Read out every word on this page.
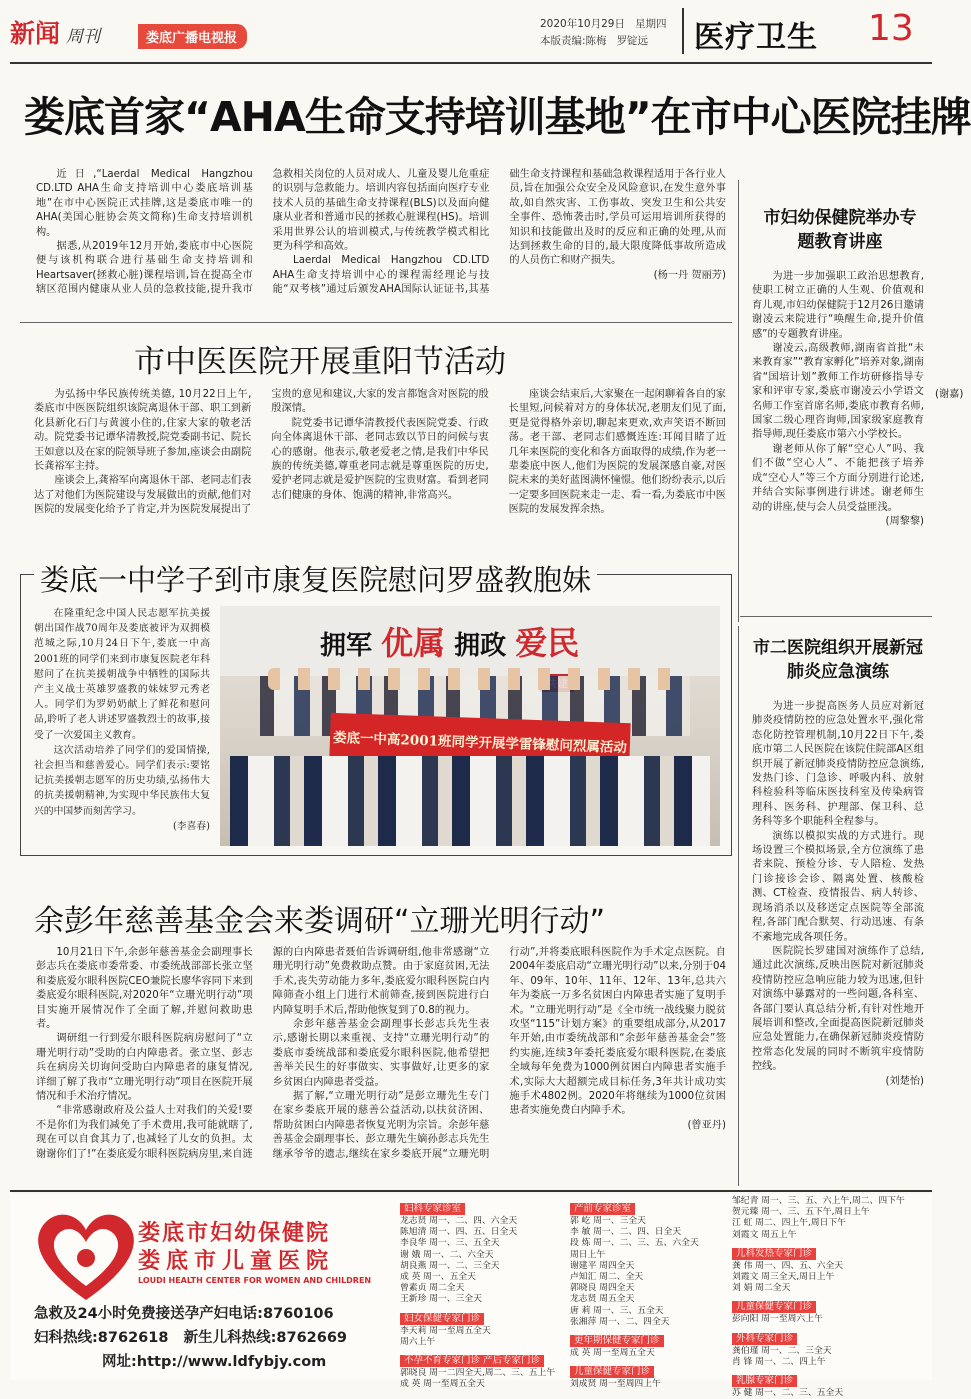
新闻 周刊	娄底广播电视报
2020年10月29日 星期四
本版责编:陈梅 罗锭远	医疗卫生 13
娄底首家“AHA生命支持培训基地”在市中心医院挂牌

近日,“Laerdal Medical Hangzhou CD.LTD AHA生命支持培训中心娄底培训基地”在市中心医院正式挂牌,这是娄底市唯一的AHA(美国心脏协会英文简称)生命支持培训机构。

据悉,从2019年12月开始,娄底市中心医院便与该机构联合进行基础生命支持培训和Heartsaver(拯救心脏)课程培训,旨在提高全市辖区范围内健康从业人员的急救技能,提升我市急救相关岗位的人员对成人、儿童及婴儿危重症的识别与急救能力。培训内容包括面向医疗专业技术人员的基础生命支持课程(BLS)以及面向健康从业者和普通市民的拯救心脏课程(HS)。培训采用世界公认的培训模式,与传统教学模式相比更为科学和高效。

Laerdal Medical Hangzhou CD.LTD AHA生命支持培训中心的课程需经理论与技能“双考核”通过后颁发AHA国际认证证书,其基础生命支持课程和基础急救课程适用于各行业人员,旨在加强公众安全及风险意识,在发生意外事故,如自然灾害、工伤事故、突发卫生和公共安全事件、恐怖袭击时,学员可运用培训所获得的知识和技能做出及时的反应和正确的处理,从而达到拯救生命的目的,最大限度降低事故所造成的人员伤亡和财产损失。

(杨一丹 贺丽芳)

市妇幼保健院举办专题教育讲座

为进一步加强职工政治思想教育,使职工树立正确的人生观、价值观和育儿观,市妇幼保健院于12月26日邀请谢凌云来院进行“唤醒生命,提升价值感”的专题教育讲座。

谢凌云,高级教师,湖南省首批“未来教育家”“教育家孵化”培养对象,湖南省“国培计划”教师工作坊研修指导专家和评审专家,娄底市谢凌云小学语文名师工作室首席名师,娄底市教育名师,国家二级心理咨询师,国家级家庭教育指导师,现任娄底市第六小学校长。

谢老师从你了解“空心人”吗、我们不做“空心人”、不能把孩子培养成“空心人”等三个方面分别进行论述,并结合实际事例进行讲述。谢老师生动的讲座,使与会人员受益匪浅。

(周黎黎)

市中医医院开展重阳节活动

为弘扬中华民族传统美德, 10月22日上午,娄底市中医医院组织该院离退休干部、职工到新化县新化石门与黄渡小住的,住家大家的敬老活动。院党委书记谭华清教授,院党委副书记、院长王如意以及在家的院领导班子参加,座谈会由副院长龚裕军主持。

座谈会上,龚裕军向离退休干部、老同志们表达了对他们为医院建设与发展做出的贡献,他们对医院的发展变化给予了肯定,并为医院发展提出了宝贵的意见和建议,大家的发言都饱含对医院的殷殷深情。

院党委书记谭华清教授代表医院党委、行政向全体离退休干部、老同志致以节日的问候与衷心的感谢。他表示,敬老爱老之情,是我们中华民族的传统美德,尊重老同志就是尊重医院的历史,爱护老同志就是爱护医院的宝贵财富。看到老同志们健康的身体、饱满的精神,非常高兴。

座谈会结束后,大家聚在一起闲聊着各自的家长里短,问候着对方的身体状况,老朋友们见了面,更是觉得格外亲切,聊起来更欢,欢声笑语不断回荡。老干部、老同志们感慨连连:耳闻目睹了近几年来医院的变化和各方面取得的成绩,作为老一辈娄底中医人,他们为医院的发展深感自豪,对医院未来的美好蓝图满怀憧憬。他们纷纷表示,以后一定要多回医院来走一走、看一看,为娄底市中医医院的发展发挥余热。

(谢嘉)

娄底一中学子到市康复医院慰问罗盛教胞妹

在隆重纪念中国人民志愿军抗美援朝出国作战70周年及娄底被评为双拥模范城之际,10月24日下午,娄底一中高2001班的同学们来到市康复医院老年科慰问了在抗美援朝战争中牺牲的国际共产主义战士英雄罗盛教的妹妹罗元秀老人。同学们为罗奶奶献上了鲜花和慰问品,聆听了老人讲述罗盛教烈士的故事,接受了一次爱国主义教育。

这次活动培养了同学们的爱国情操,社会担当和慈善爱心。同学们表示:要铭记抗美援朝志愿军的历史功绩,弘扬伟大的抗美援朝精神,为实现中华民族伟大复兴的中国梦而刻苦学习。

(李喜春)

拥军 优属 拥政 爱民
娄底一中高2001班同学开展学雷锋慰问烈属活动
市二医院组织开展新冠肺炎应急演练

为进一步提高医务人员应对新冠肺炎疫情防控的应急处置水平,强化常态化防控管理机制,10月22日下午,娄底市第二人民医院在该院住院部A区组织开展了新冠肺炎疫情防控应急演练,发热门诊、门急诊、呼吸内科、放射科检验科等临床医技科室及传染病管理科、医务科、护理部、保卫科、总务科等多个职能科全程参与。

演练以模拟实战的方式进行。现场设置三个模拟场景,全方位演练了患者来院、预检分诊、专人陪检、发热门诊接诊会诊、隔离处置、核酸检测、CT检查、疫情报告、病人转诊、现场消杀以及移送定点医院等全部流程,各部门配合默契、行动迅速、有条不紊地完成各项任务。

医院院长罗建国对演练作了总结,通过此次演练,反映出医院对新冠肺炎疫情防控应急响应能力较为迅速,但针对演练中暴露对的一些问题,各科室、各部门要认真总结分析,有针对性地开展培训和整改,全面提高医院新冠肺炎应急处置能力,在确保新冠肺炎疫情防控常态化发展的同时不断筑牢疫情防控线。

(刘楚怡)

余彭年慈善基金会来娄调研“立珊光明行动”

10月21日下午,余彭年慈善基金会副理事长彭志兵在娄底市委常委、市委统战部部长张立坚和娄底爱尔眼科医院CEO兼院长廖华容同下来到娄底爱尔眼科医院,对2020年“立珊光明行动”项目实施开展情况作了全面了解,并慰问救助患者。

调研组一行到爱尔眼科医院病房慰问了“立珊光明行动”受助的白内障患者。张立坚、彭志兵在病房关切询问受助白内障患者的康复情况,详细了解了我市“立珊光明行动”项目在医院开展情况和手术治疗情况。

“非常感谢政府及公益人士对我们的关爱!要不是你们为我们减免了手术费用,我可能就瞎了,现在可以自食其力了,也减轻了儿女的负担。太谢谢你们了!”在娄底爱尔眼科医院病房里,来自涟源的白内障患者聂伯告诉调研组,他非常感谢“立珊光明行动”免费救助点赞。由于家庭贫困,无法手术,丧失劳动能力多年,娄底爱尔眼科医院白内障筛查小组上门进行术前筛查,接到医院进行白内障复明手术后,帮助他恢复到了0.8的视力。

余彭年慈善基金会副理事长彭志兵先生表示,感谢长期以来重视、支持“立珊光明行动”的娄底市委统战部和娄底爱尔眼科医院,他希望把善举关民生的好事做实、实事做好,让更多的家乡贫困白内障患者受益。

据了解,“立珊光明行动”是彭立珊先生专门在家乡娄底开展的慈善公益活动,以扶贫济困、帮助贫困白内障患者恢复光明为宗旨。余彭年慈善基金会副理事长、彭立珊先生嫡孙彭志兵先生继承爷爷的遗志,继续在家乡娄底开展“立珊光明行动”,并将娄底眼科医院作为手术定点医院。自2004年娄底启动“立珊光明行动”以来,分别于04年、09年、10年、11年、12年、13年,总共六年为娄底一万多名贫困白内障患者实施了复明手术。“立珊光明行动”是《全市统一战线聚力脱贫攻坚“115”计划方案》的重要组成部分,从2017年开始,由市委统战部和“余彭年慈善基金会”签约实施,连续3年委托娄底爱尔眼科医院,在娄底全域每年免费为1000例贫困白内障患者实施手术,实际大大超额完成目标任务,3年共计成功实施手术4802例。2020年将继续为1000位贫困患者实施免费白内障手术。

(曾亚丹)

娄底市妇幼保健院
娄底市儿童医院
LOUDI HEALTH CENTER FOR WOMEN AND CHILDREN
急救及24小时免费接送孕产妇电话:8760106
妇科热线:8762618 新生儿科热线:8762669
网址:http://www.ldfybjy.com
妇科专家诊室
龙志贤 周一、二、四、六全天
陈旭清 周一、四、五、日全天
李良华 周一、三、五全天
谢 娥 周一、二、六全天
胡良燕 周一、二、三全天
成 英 周一、五全天
曾素贞 周二全天
王新珍 周一、三全天
妇女保健专家门诊
李天莉 周一至周五全天
周六上午
不孕不育专家门诊 产后专家门诊
郭晓良 周一二四全天,周二、三、五上午
成 英 周一至周五全天
产前专家诊室
郭 屹 周一、三全天
李 敏 周一、二、四、日全天
段 炼 周一、二、三、五、六全天
周日上午
谢建平 周四全天
卢知汇 周二、全天
郭晓良 周四全天
龙志贤 周五全天
唐 莉 周一、三、五全天
张湘萍 周一、二、四全天
更年期保健专家门诊
成 英 周一至周五全天
儿童保健专家门诊
刘成贤 周一至周四上午
邹纪青 周一、三、五、六上午,周二、四下午
贺元臻 周一、三、五下午,周日上午
江 虹 周二、四上午,周日下午
刘霞文 周五上午
儿科发热专家门诊
龚 伟 周一、四、五、六全天
刘霞文 周三全天,周日上午
刘 娟 周二全天
儿童保健专家门诊
彭向阳 周一至周六上午
外科专家门诊
龚伯瑾 周一、二、三全天
肖 锋 周一、二、四上午
乳腺专家门诊
苏 健 周一、二、三、五全天
